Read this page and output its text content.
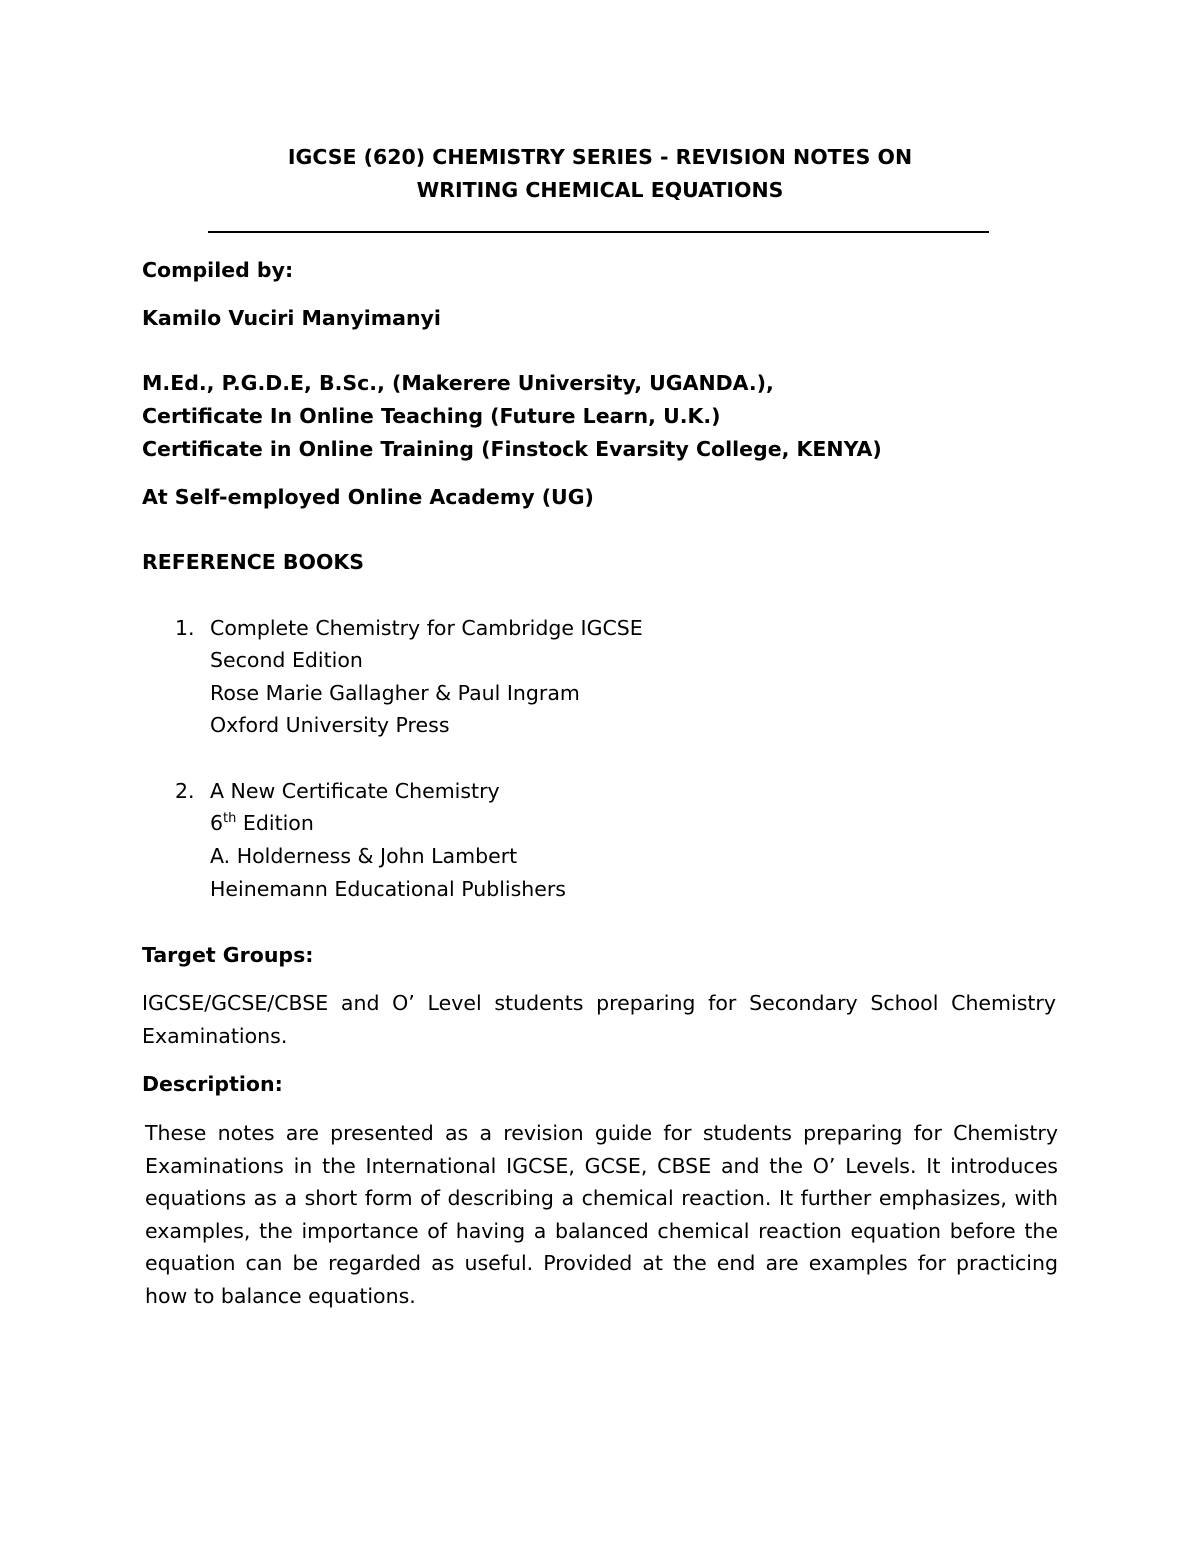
IGCSE (620) CHEMISTRY SERIES - REVISION NOTES ON
WRITING CHEMICAL EQUATIONS
Compiled by:
Kamilo Vuciri Manyimanyi
M.Ed., P.G.D.E, B.Sc., (Makerere University, UGANDA.),
Certificate In Online Teaching (Future Learn, U.K.)
Certificate in Online Training (Finstock Evarsity College, KENYA)
At Self-employed Online Academy (UG)
REFERENCE BOOKS
1. Complete Chemistry for Cambridge IGCSE
Second Edition
Rose Marie Gallagher & Paul Ingram
Oxford University Press
2. A New Certificate Chemistry
6th Edition
A. Holderness & John Lambert
Heinemann Educational Publishers
Target Groups:
IGCSE/GCSE/CBSE and O’ Level students preparing for Secondary School Chemistry Examinations.
Description:
These notes are presented as a revision guide for students preparing for Chemistry Examinations in the International IGCSE, GCSE, CBSE and the O’ Levels. It introduces equations as a short form of describing a chemical reaction. It further emphasizes, with examples, the importance of having a balanced chemical reaction equation before the equation can be regarded as useful. Provided at the end are examples for practicing how to balance equations.
